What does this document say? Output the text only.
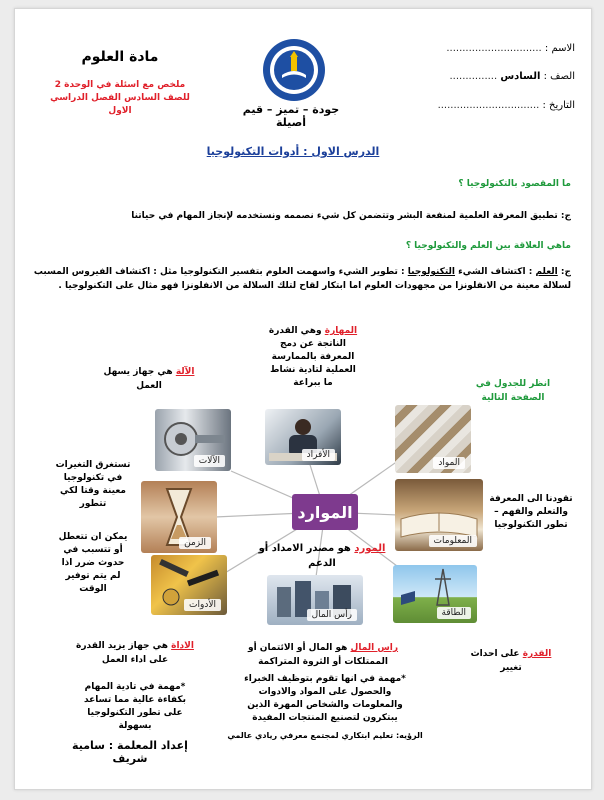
الاسم : ..............................
الصف : السادس ...............
التاريخ : ................................
جودة – تميز – قيم أصيلة
مادة العلوم
ملخص مع اسئلة في الوحدة 2
للصف السادس الفصل الدراسي
الاول
الدرس الاول : أدوات التكنولوجيا
ما المقصود بالتكنولوجيا ؟
ج: تطبيق المعرفة العلمية لمنفعة البشر وتتضمن كل شيء نصممه ونستخدمه لإنجاز المهام في حياتنا
ماهي العلاقة بين العلم والتكنولوجيا ؟
ج: العلم : اكتشاف الشيء التكنولوجيا : تطوير الشيء واسهمت العلوم بتفسير التكنولوجيا مثل : اكتشاف الفيروس المسبب لسلالة معينة من الانفلونزا من مجهودات العلوم اما ابتكار لقاح لتلك السلالة من الانفلونزا فهو مثال على التكنولوجيا .
الأفراد
المواد
الآلات
الزمن	المعلومات
الأدوات
رأس المال	الطاقة
الموارد
المهارة وهي القدرة الناتجة عن دمج المعرفة بالممارسة العملية لتادية نشاط ما ببراعة
الآلة هي جهاز يسهل العمل	انظر للجدول في الصفحة التالية
تستغرق التغيرات في تكنولوجيا معينة وقتا لكي تتطور	تقودنا الى المعرفة والتعلم والفهم – تطور التكنولوجيا
يمكن ان تتعطل أو تتسبب في حدوث ضرر اذا لم يتم توفير الوقت
المورد هو مصدر الامداد أو الدعم
الاداة هي جهاز يزيد القدرة على اداء العمل
راس المال هو المال أو الائتمان أو الممتلكات أو الثروة المتراكمة
القدرة على احداث تغيير
*مهمة في تادية المهام بكفاءة عالية مما تساعد على تطور التكنولوجيا بسهولة
*مهمة في انها تقوم بتوظيف الخبراء والحصول على المواد والادوات والمعلومات والشخاص المهرة الذين يبتكرون لتصنيع المنتجات المفيدة
إعداد المعلمة : سامية شريف
الرؤيه: تعليم ابتكاري لمجتمع معرفي ريادي عالمي
